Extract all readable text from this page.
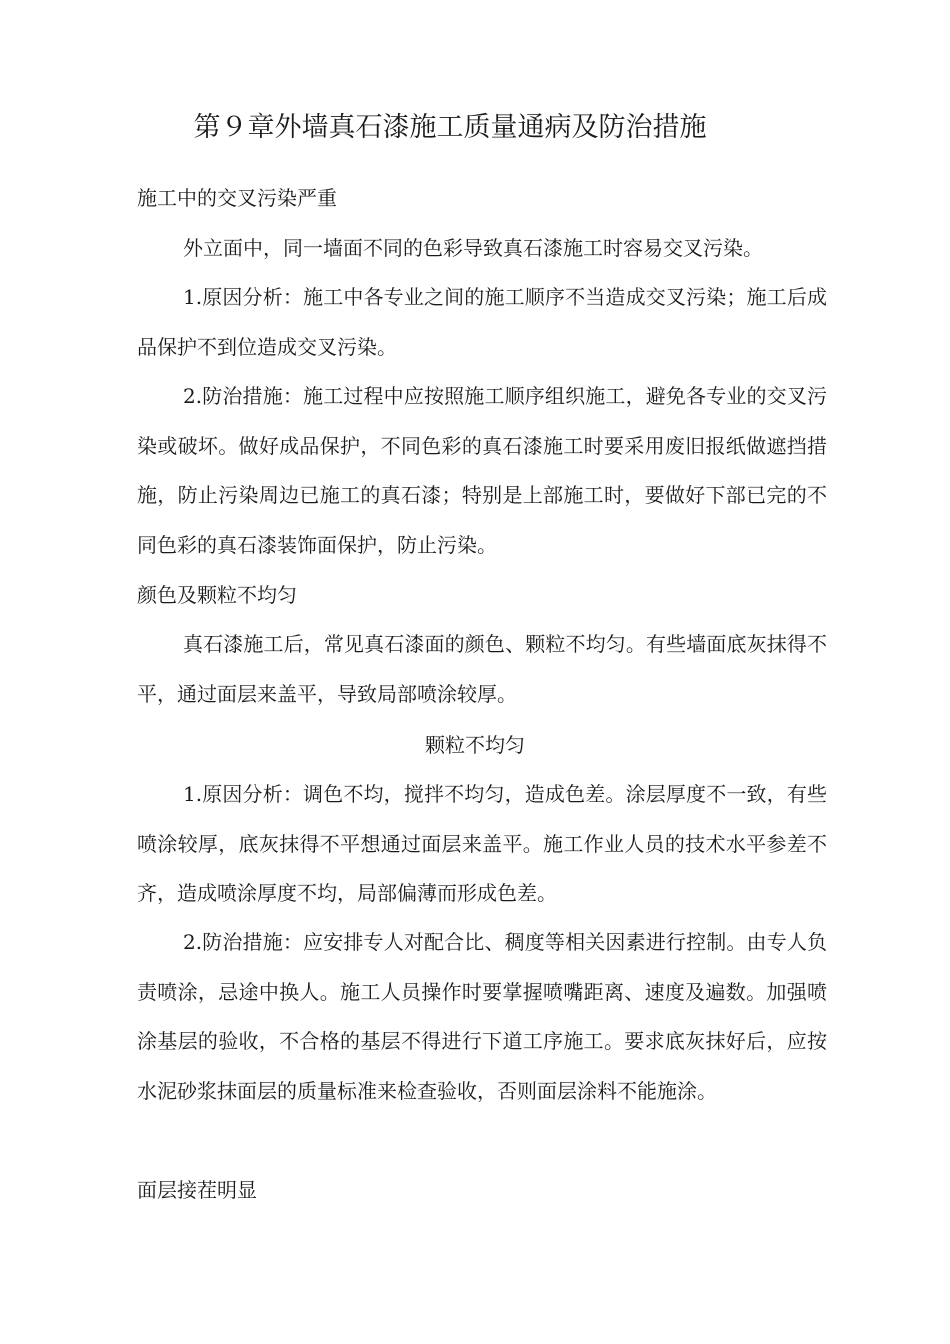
第９章外墙真石漆施工质量通病及防治措施
施工中的交叉污染严重
外立面中，同一墙面不同的色彩导致真石漆施工时容易交叉污染。
1.原因分析：施工中各专业之间的施工顺序不当造成交叉污染；施工后成品保护不到位造成交叉污染。
2.防治措施：施工过程中应按照施工顺序组织施工，避免各专业的交叉污染或破坏。做好成品保护，不同色彩的真石漆施工时要采用废旧报纸做遮挡措施，防止污染周边已施工的真石漆；特别是上部施工时，要做好下部已完的不同色彩的真石漆装饰面保护，防止污染。
颜色及颗粒不均匀
真石漆施工后，常见真石漆面的颜色、颗粒不均匀。有些墙面底灰抹得不平，通过面层来盖平，导致局部喷涂较厚。
颗粒不均匀
1.原因分析：调色不均，搅拌不均匀，造成色差。涂层厚度不一致，有些喷涂较厚，底灰抹得不平想通过面层来盖平。施工作业人员的技术水平参差不齐，造成喷涂厚度不均，局部偏薄而形成色差。
2.防治措施：应安排专人对配合比、稠度等相关因素进行控制。由专人负责喷涂，忌途中换人。施工人员操作时要掌握喷嘴距离、速度及遍数。加强喷涂基层的验收，不合格的基层不得进行下道工序施工。要求底灰抹好后，应按水泥砂浆抹面层的质量标准来检查验收，否则面层涂料不能施涂。
面层接茬明显
